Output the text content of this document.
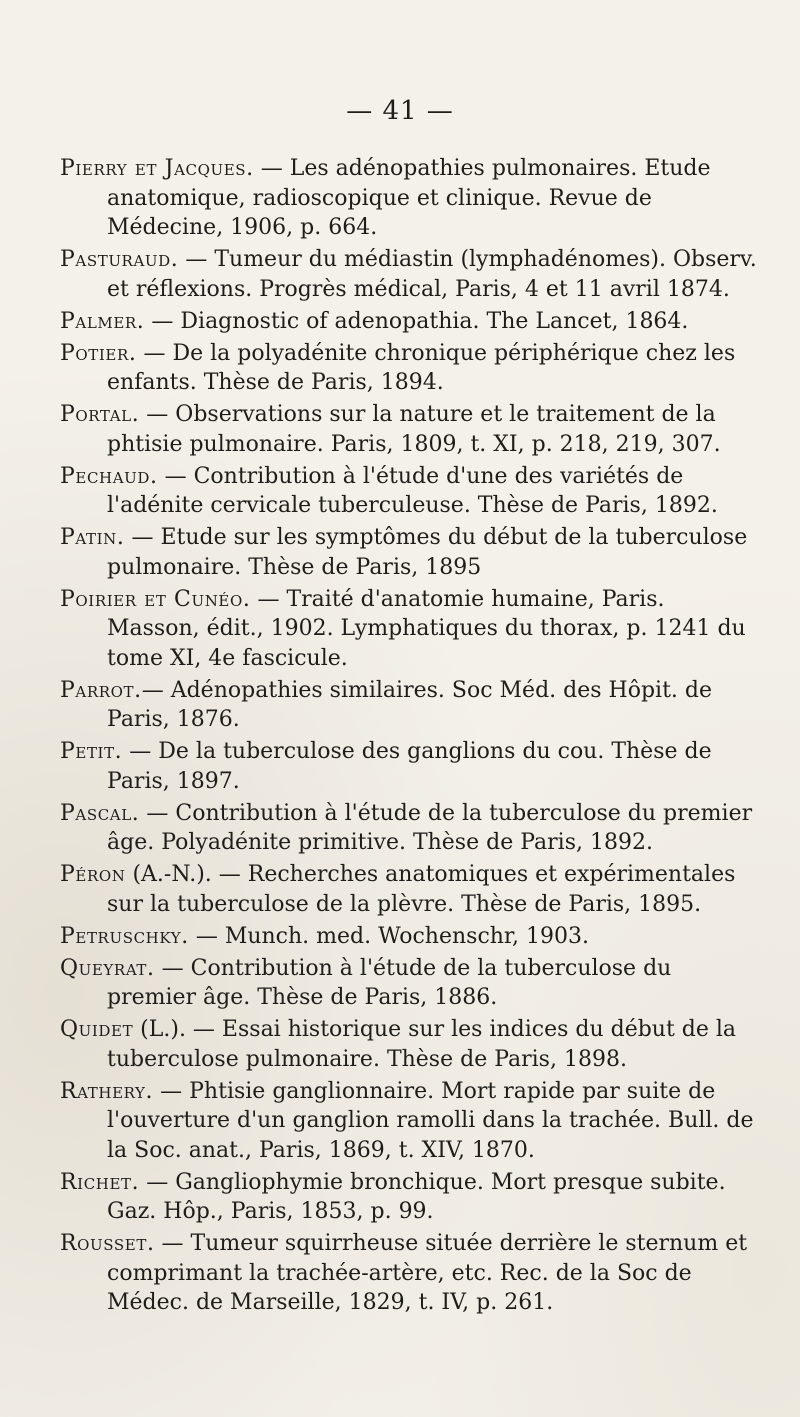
— 41 —

Pierry et Jacques. — Les adénopathies pulmonaires. Etude anatomique, radioscopique et clinique. Revue de Médecine, 1906, p. 664.

Pasturaud. — Tumeur du médiastin (lymphadénomes). Observ. et réflexions. Progrès médical, Paris, 4 et 11 avril 1874.

Palmer. — Diagnostic of adenopathia. The Lancet, 1864.

Potier. — De la polyadénite chronique périphérique chez les enfants. Thèse de Paris, 1894.

Portal. — Observations sur la nature et le traitement de la phtisie pulmonaire. Paris, 1809, t. XI, p. 218, 219, 307.

Pechaud. — Contribution à l'étude d'une des variétés de l'adénite cervicale tuberculeuse. Thèse de Paris, 1892.

Patin. — Etude sur les symptômes du début de la tuberculose pulmonaire. Thèse de Paris, 1895

Poirier et Cunéo. — Traité d'anatomie humaine, Paris. Masson, édit., 1902. Lymphatiques du thorax, p. 1241 du tome XI, 4e fascicule.

Parrot.— Adénopathies similaires. Soc Méd. des Hôpit. de Paris, 1876.

Petit. — De la tuberculose des ganglions du cou. Thèse de Paris, 1897.

Pascal. — Contribution à l'étude de la tuberculose du premier âge. Polyadénite primitive. Thèse de Paris, 1892.

Péron (A.-N.). — Recherches anatomiques et expérimentales sur la tuberculose de la plèvre. Thèse de Paris, 1895.

Petruschky. — Munch. med. Wochenschr, 1903.

Queyrat. — Contribution à l'étude de la tuberculose du premier âge. Thèse de Paris, 1886.

Quidet (L.). — Essai historique sur les indices du début de la tuberculose pulmonaire. Thèse de Paris, 1898.

Rathery. — Phtisie ganglionnaire. Mort rapide par suite de l'ouverture d'un ganglion ramolli dans la trachée. Bull. de la Soc. anat., Paris, 1869, t. XIV, 1870.

Richet. — Gangliophymie bronchique. Mort presque subite. Gaz. Hôp., Paris, 1853, p. 99.

Rousset. — Tumeur squirrheuse située derrière le sternum et comprimant la trachée-artère, etc. Rec. de la Soc de Médec. de Marseille, 1829, t. IV, p. 261.
